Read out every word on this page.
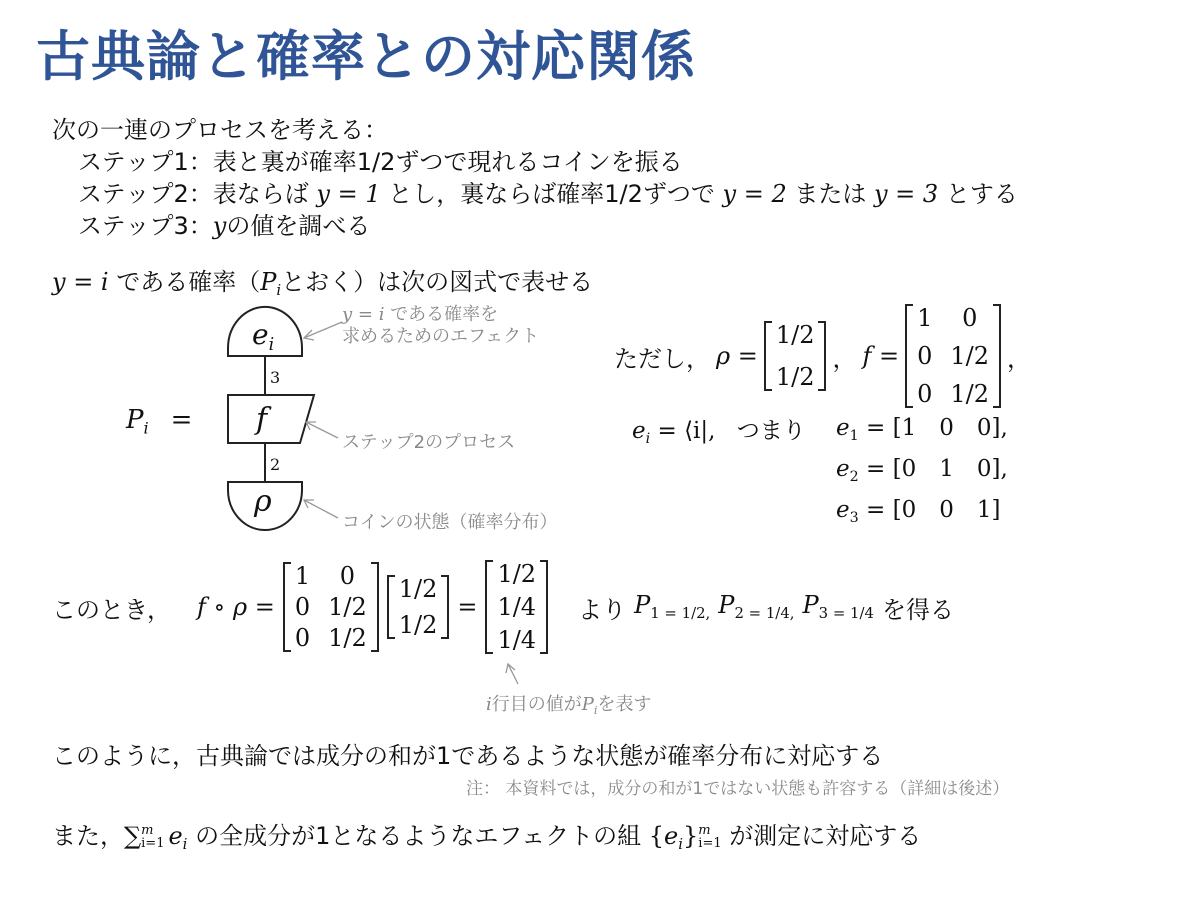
古典論と確率との対応関係
次の一連のプロセスを考える：
ステップ1：表と裏が確率1/2ずつで現れるコインを振る
ステップ2：表ならば y = 1 とし，裏ならば確率1/2ずつで y = 2 または y = 3 とする
ステップ3：yの値を調べる
y = i である確率（$P_i$とおく）は次の図式で表せる
$P_i$ =
$e_i$
3
f
2
ρ
y = i である確率を
求めるためのエフェクト
ステップ2のプロセス
コインの状態（確率分布）
ただし， ρ =
1/2
1/2
， f =
1
0
0
0
1/2
1/2
，
$e_i$ = ⟨i|, つまり $e_1 = [1$　0　0],
$e_2 = [0$　1　0],
$e_3 = [0$　0　1]
このとき， f ∘ ρ =
1
0
0
0
1/2
1/2
1/2
1/2
=
1/2
1/4
1/4
より $P_{1 = 1/2,}$ $P_{2 = 1/4,}$ $P_{3 = 1/4}$ を得る
i行目の値が$P_i$を表す
このように，古典論では成分の和が1であるような状態が確率分布に対応する
注： 本資料では，成分の和が1ではない状態も許容する（詳細は後述）
また，∑ m
i=1 $e_i$ の全成分が1となるようなエフェクトの組 $\{e_i\}$ m
i=1 が測定に対応する
